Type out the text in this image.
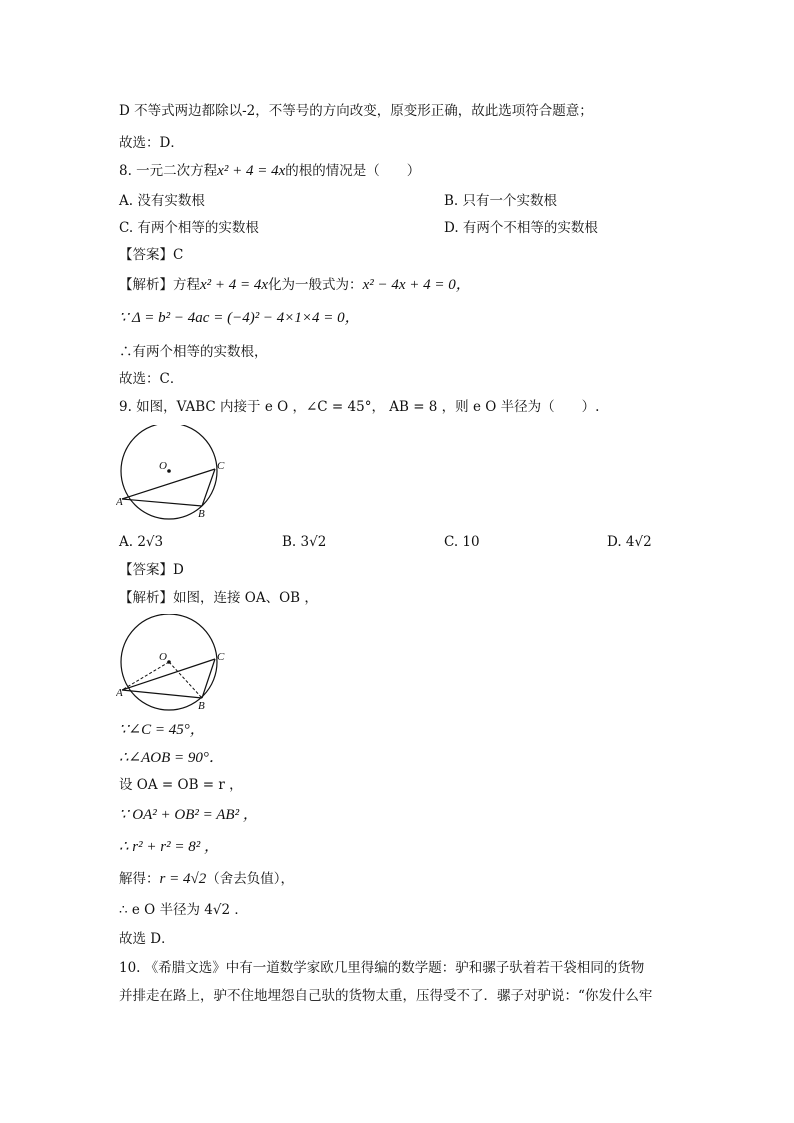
D 不等式两边都除以-2，不等号的方向改变，原变形正确，故此选项符合题意；
故选：D．
8. 一元二次方程x² + 4 = 4x的根的情况是（　　）
A. 没有实数根	B. 只有一个实数根
C. 有两个相等的实数根	D. 有两个不相等的实数根
【答案】C
【解析】方程x² + 4 = 4x化为一般式为：x² − 4x + 4 = 0，
∵ Δ = b² − 4ac = (−4)² − 4×1×4 = 0，
∴有两个相等的实数根，
故选：C．
9. 如图，VABC 内接于 e O ，∠C = 45°， AB = 8 ，则 e O 半径为（　　）.
O	C
A
B
A. 2√3	B. 3√2	C. 10	D. 4√2
【答案】D
【解析】如图，连接 OA、OB ，
O	C
A
B
∵∠C = 45°，
∴∠AOB = 90°．
设 OA = OB = r ，
∵ OA² + OB² = AB² ，
∴ r² + r² = 8² ，
解得：r = 4√2（舍去负值），
∴ e O 半径为 4√2 ．
故选 D．
10. 《希腊文选》中有一道数学家欧几里得编的数学题：驴和骡子驮着若干袋相同的货物
并排走在路上，驴不住地埋怨自己驮的货物太重，压得受不了．骡子对驴说：“你发什么牢
